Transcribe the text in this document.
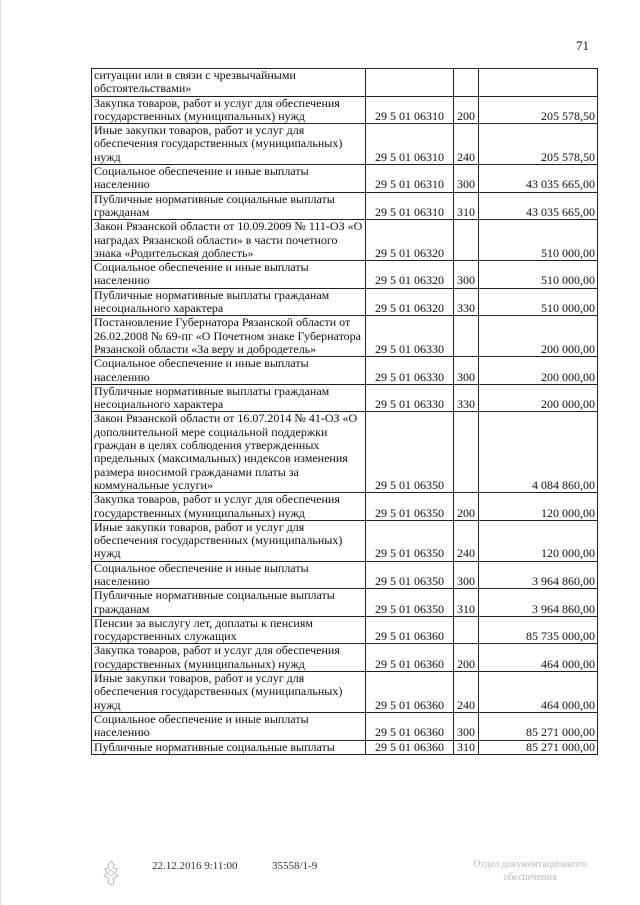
71
ситуации или в связи с чрезвычайными обстоятельствами»			
Закупка товаров, работ и услуг для обеспечения государственных (муниципальных) нужд	29 5 01 06310	200	205 578,50
Иные закупки товаров, работ и услуг для обеспечения государственных (муниципальных) нужд	29 5 01 06310	240	205 578,50
Социальное обеспечение и иные выплаты населению	29 5 01 06310	300	43 035 665,00
Публичные нормативные социальные выплаты гражданам	29 5 01 06310	310	43 035 665,00
Закон Рязанской области от 10.09.2009 № 111-ОЗ «О наградах Рязанской области» в части почетного знака «Родительская доблесть»	29 5 01 06320		510 000,00
Социальное обеспечение и иные выплаты населению	29 5 01 06320	300	510 000,00
Публичные нормативные выплаты гражданам несоциального характера	29 5 01 06320	330	510 000,00
Постановление Губернатора Рязанской области от 26.02.2008 № 69-пг «О Почетном знаке Губернатора Рязанской области «За веру и добродетель»	29 5 01 06330		200 000,00
Социальное обеспечение и иные выплаты населению	29 5 01 06330	300	200 000,00
Публичные нормативные выплаты гражданам несоциального характера	29 5 01 06330	330	200 000,00
Закон Рязанской области от 16.07.2014 № 41-ОЗ «О дополнительной мере социальной поддержки граждан в целях соблюдения утвержденных предельных (максимальных) индексов изменения размера вносимой гражданами платы за коммунальные услуги»	29 5 01 06350		4 084 860,00
Закупка товаров, работ и услуг для обеспечения государственных (муниципальных) нужд	29 5 01 06350	200	120 000,00
Иные закупки товаров, работ и услуг для обеспечения государственных (муниципальных) нужд	29 5 01 06350	240	120 000,00
Социальное обеспечение и иные выплаты населению	29 5 01 06350	300	3 964 860,00
Публичные нормативные социальные выплаты гражданам	29 5 01 06350	310	3 964 860,00
Пенсии за выслугу лет, доплаты к пенсиям государственных служащих	29 5 01 06360		85 735 000,00
Закупка товаров, работ и услуг для обеспечения государственных (муниципальных) нужд	29 5 01 06360	200	464 000,00
Иные закупки товаров, работ и услуг для обеспечения государственных (муниципальных) нужд	29 5 01 06360	240	464 000,00
Социальное обеспечение и иные выплаты населению	29 5 01 06360	300	85 271 000,00
Публичные нормативные социальные выплаты	29 5 01 06360	310	85 271 000,00
22.12.2016 9:11:00	35558/1-9	Отдел документационного
обеспечения
